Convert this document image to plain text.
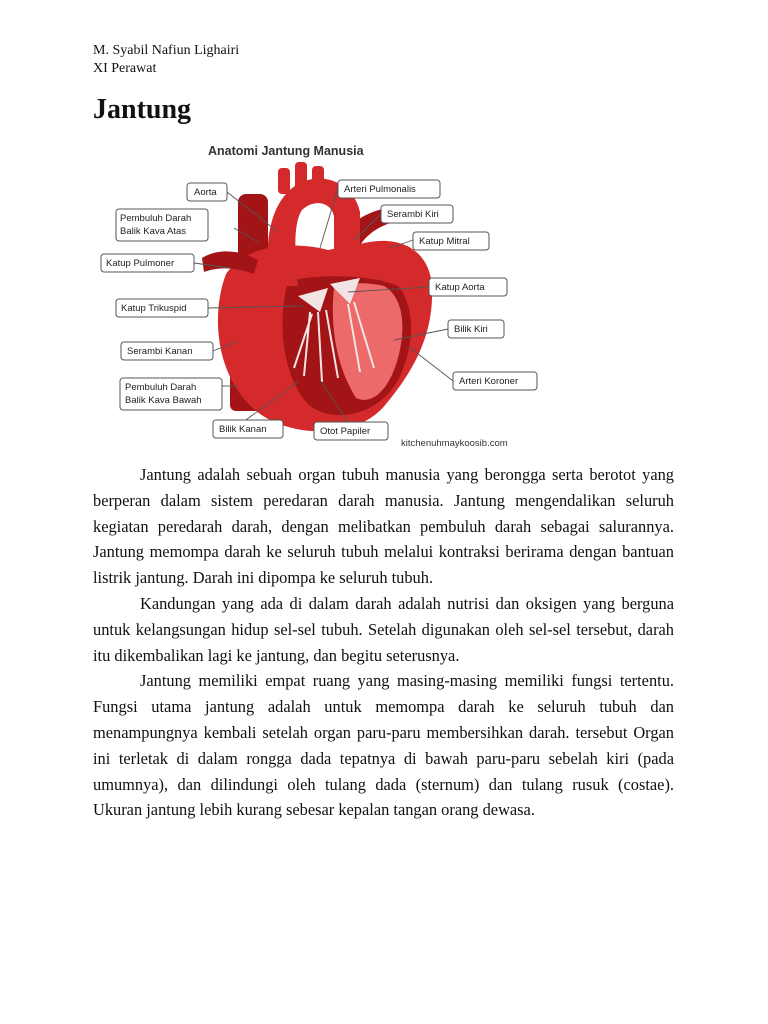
M. Syabil Nafiun Lighairi
XI Perawat
Jantung
Anatomi Jantung Manusia
Aorta
Pembuluh Darah
Balik Kava Atas
Katup Pulmoner
Katup Trikuspid
Serambi Kanan
Pembuluh Darah
Balik Kava Bawah
Bilik Kanan	Otot Papiler
Arteri Pulmonalis
Serambi Kiri
Katup Mitral
Katup Aorta
Bilik Kiri
Arteri Koroner
kitchenuhmaykoosib.com

Jantung adalah sebuah organ tubuh manusia yang berongga serta berotot yang berperan dalam sistem peredaran darah manusia. Jantung mengendalikan seluruh kegiatan peredarah darah, dengan melibatkan pembuluh darah sebagai salurannya. Jantung memompa darah ke seluruh tubuh melalui kontraksi berirama dengan bantuan listrik jantung. Darah ini dipompa ke seluruh tubuh.

Kandungan yang ada di dalam darah adalah nutrisi dan oksigen yang berguna untuk kelangsungan hidup sel-sel tubuh. Setelah digunakan oleh sel-sel tersebut, darah itu dikembalikan lagi ke jantung, dan begitu seterusnya.

Jantung memiliki empat ruang yang masing-masing memiliki fungsi tertentu. Fungsi utama jantung adalah untuk memompa darah ke seluruh tubuh dan menampungnya kembali setelah organ paru-paru membersihkan darah. tersebut Organ ini terletak di dalam rongga dada tepatnya di bawah paru-paru sebelah kiri (pada umumnya), dan dilindungi oleh tulang dada (sternum) dan tulang rusuk (costae). Ukuran jantung lebih kurang sebesar kepalan tangan orang dewasa.
